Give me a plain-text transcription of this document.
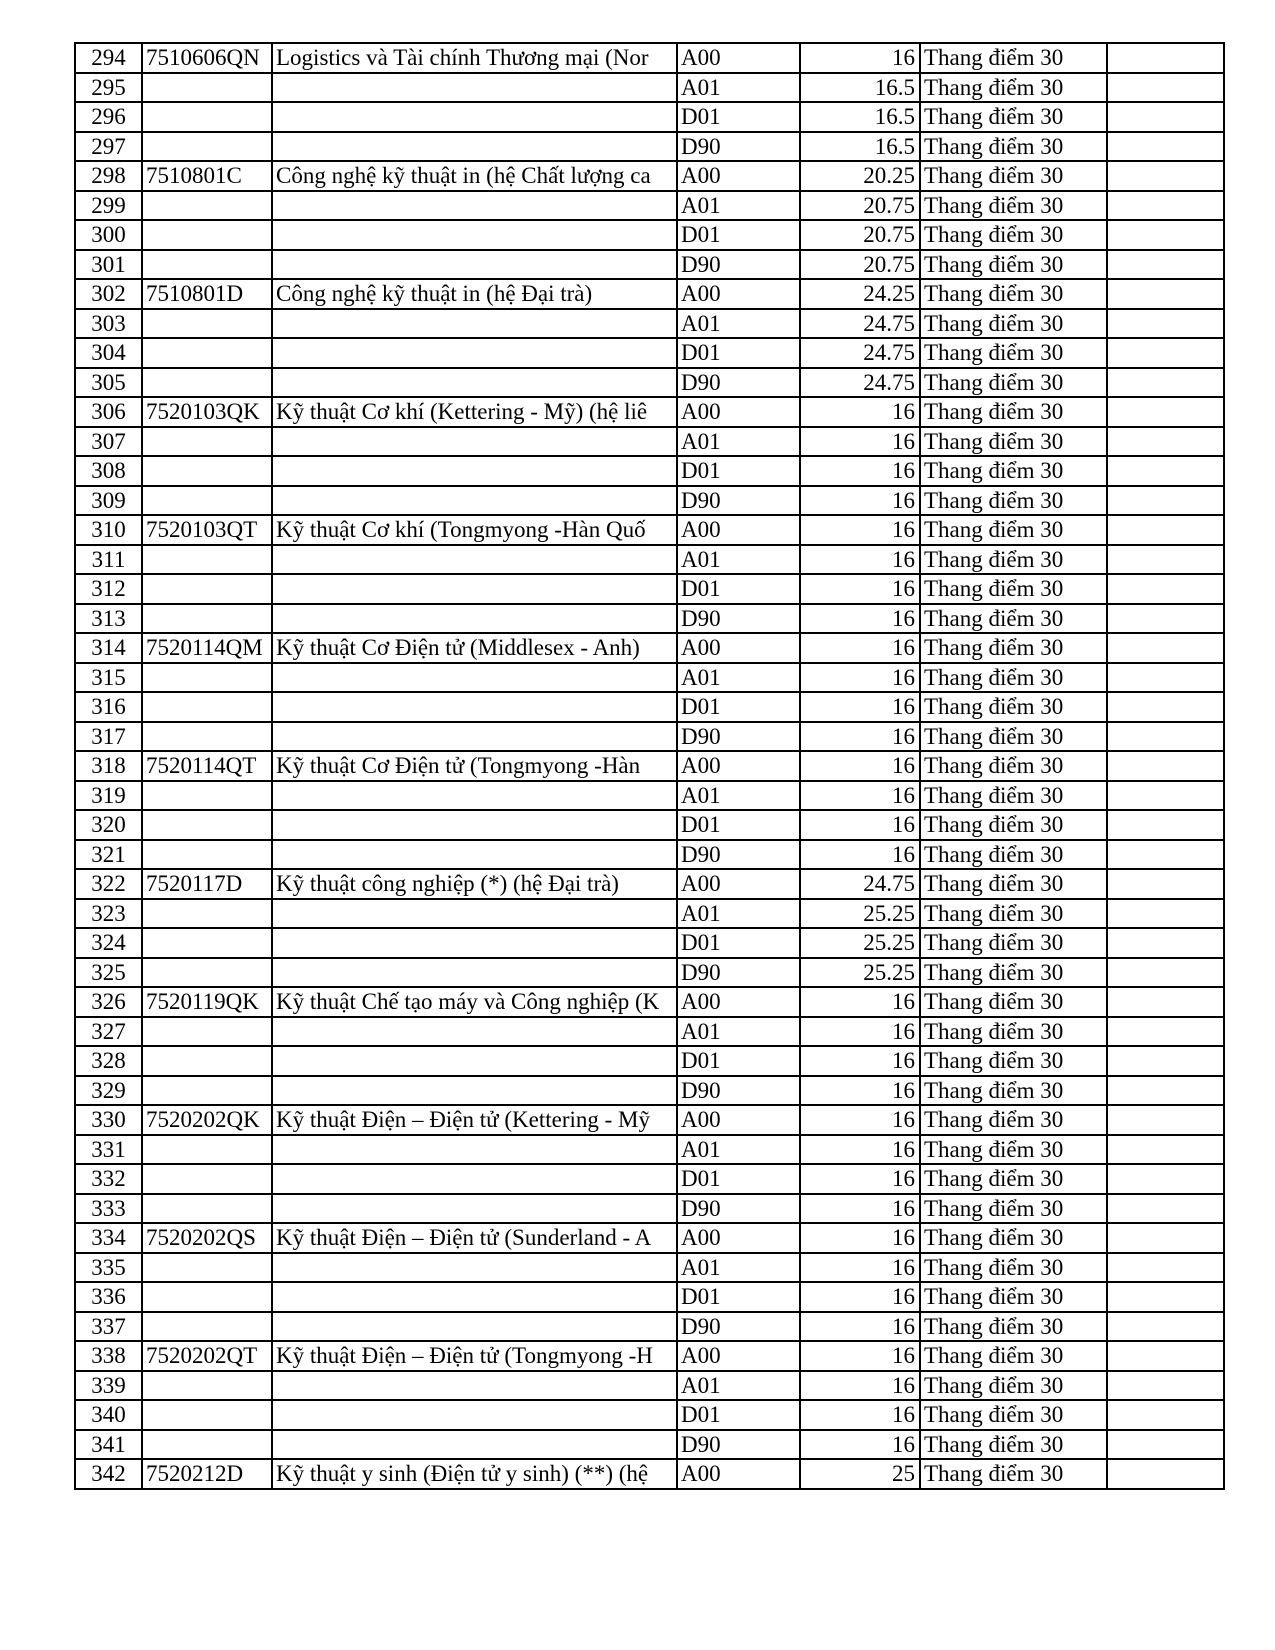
294	7510606QN	Logistics và Tài chính Thương mại (Nor	A00	16	Thang điểm 30	
295			A01	16.5	Thang điểm 30	
296			D01	16.5	Thang điểm 30	
297			D90	16.5	Thang điểm 30	
298	7510801C	Công nghệ kỹ thuật in (hệ Chất lượng ca	A00	20.25	Thang điểm 30	
299			A01	20.75	Thang điểm 30	
300			D01	20.75	Thang điểm 30	
301			D90	20.75	Thang điểm 30	
302	7510801D	Công nghệ kỹ thuật in (hệ Đại trà)	A00	24.25	Thang điểm 30	
303			A01	24.75	Thang điểm 30	
304			D01	24.75	Thang điểm 30	
305			D90	24.75	Thang điểm 30	
306	7520103QK	Kỹ thuật Cơ khí (Kettering - Mỹ) (hệ liê	A00	16	Thang điểm 30	
307			A01	16	Thang điểm 30	
308			D01	16	Thang điểm 30	
309			D90	16	Thang điểm 30	
310	7520103QT	Kỹ thuật Cơ khí (Tongmyong -Hàn Quố	A00	16	Thang điểm 30	
311			A01	16	Thang điểm 30	
312			D01	16	Thang điểm 30	
313			D90	16	Thang điểm 30	
314	7520114QM	Kỹ thuật Cơ Điện tử (Middlesex - Anh)	A00	16	Thang điểm 30	
315			A01	16	Thang điểm 30	
316			D01	16	Thang điểm 30	
317			D90	16	Thang điểm 30	
318	7520114QT	Kỹ thuật Cơ Điện tử (Tongmyong -Hàn	A00	16	Thang điểm 30	
319			A01	16	Thang điểm 30	
320			D01	16	Thang điểm 30	
321			D90	16	Thang điểm 30	
322	7520117D	Kỹ thuật công nghiệp (*) (hệ Đại trà)	A00	24.75	Thang điểm 30	
323			A01	25.25	Thang điểm 30	
324			D01	25.25	Thang điểm 30	
325			D90	25.25	Thang điểm 30	
326	7520119QK	Kỹ thuật Chế tạo máy và Công nghiệp (K	A00	16	Thang điểm 30	
327			A01	16	Thang điểm 30	
328			D01	16	Thang điểm 30	
329			D90	16	Thang điểm 30	
330	7520202QK	Kỹ thuật Điện – Điện tử (Kettering - Mỹ	A00	16	Thang điểm 30	
331			A01	16	Thang điểm 30	
332			D01	16	Thang điểm 30	
333			D90	16	Thang điểm 30	
334	7520202QS	Kỹ thuật Điện – Điện tử (Sunderland - A	A00	16	Thang điểm 30	
335			A01	16	Thang điểm 30	
336			D01	16	Thang điểm 30	
337			D90	16	Thang điểm 30	
338	7520202QT	Kỹ thuật Điện – Điện tử (Tongmyong -H	A00	16	Thang điểm 30	
339			A01	16	Thang điểm 30	
340			D01	16	Thang điểm 30	
341			D90	16	Thang điểm 30	
342	7520212D	Kỹ thuật y sinh (Điện tử y sinh) (**) (hệ	A00	25	Thang điểm 30	
